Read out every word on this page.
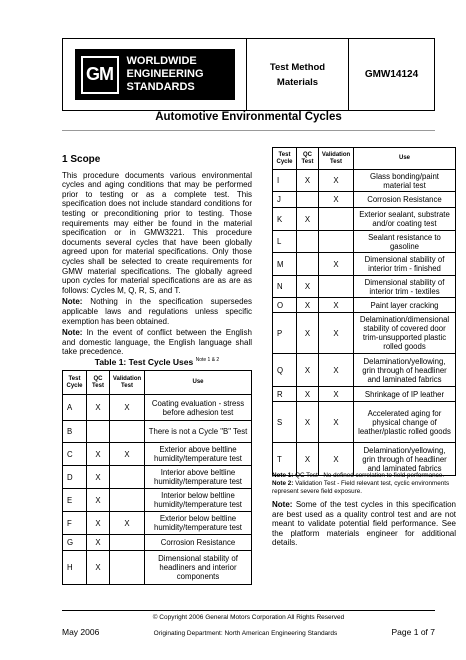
GM
WORLDWIDE
ENGINEERING
STANDARDS
Test Method
Materials
GMW14124
Automotive Environmental Cycles
1 Scope

This procedure documents various environmental cycles and aging conditions that may be performed prior to testing or as a complete test. This specification does not include standard conditions for testing or preconditioning prior to testing. Those requirements may either be found in the material specification or in GMW3221. This procedure documents several cycles that have been globally agreed upon for material specifications. Only those cycles shall be selected to create requirements for GMW material specifications. The globally agreed upon cycles for material specifications are as are as follows: Cycles M, Q, R, S, and T.

Note: Nothing in the specification supersedes applicable laws and regulations unless specific exemption has been obtained.

Note: In the event of conflict between the English and domestic language, the English language shall take precedence.

Table 1: Test Cycle Uses $^{Note 1 \& 2}$
Test Cycle	QC Test	Validation Test	Use
A	X	X	Coating evaluation - stress before adhesion test
B			There is not a Cycle "B" Test
C	X	X	Exterior above beltline humidity/temperature test
D	X		Interior above beltline humidity/temperature test
E	X		Interior below beltline humidity/temperature test
F	X	X	Exterior below beltline humidity/temperature test
G	X		Corrosion Resistance
H	X		Dimensional stability of headliners and interior components
Test Cycle	QC Test	Validation Test	Use
I	X	X	Glass bonding/paint material test
J		X	Corrosion Resistance
K	X		Exterior sealant, substrate and/or coating test
L			Sealant resistance to gasoline
M		X	Dimensional stability of interior trim - finished
N	X		Dimensional stability of interior trim - textiles
O	X	X	Paint layer cracking
P	X	X	Delamination/dimensional stability of covered door trim-unsupported plastic rolled goods
Q	X	X	Delamination/yellowing, grin through of headliner and laminated fabrics
R	X	X	Shrinkage of IP leather
S	X	X	Accelerated aging for physical change of leather/plastic rolled goods
T	X	X	Delamination/yellowing, grin through of headliner and laminated fabrics
Note 1: QC Test - No defined correlation to field performance.
Note 2: Validation Test - Field relevant test, cyclic environments represent severe field exposure.
Note: Some of the test cycles in this specification are best used as a quality control test and are not meant to validate potential field performance. See the platform materials engineer for additional details.
© Copyright 2006 General Motors Corporation All Rights Reserved
May 2006	Originating Department: North American Engineering Standards	Page 1 of 7
